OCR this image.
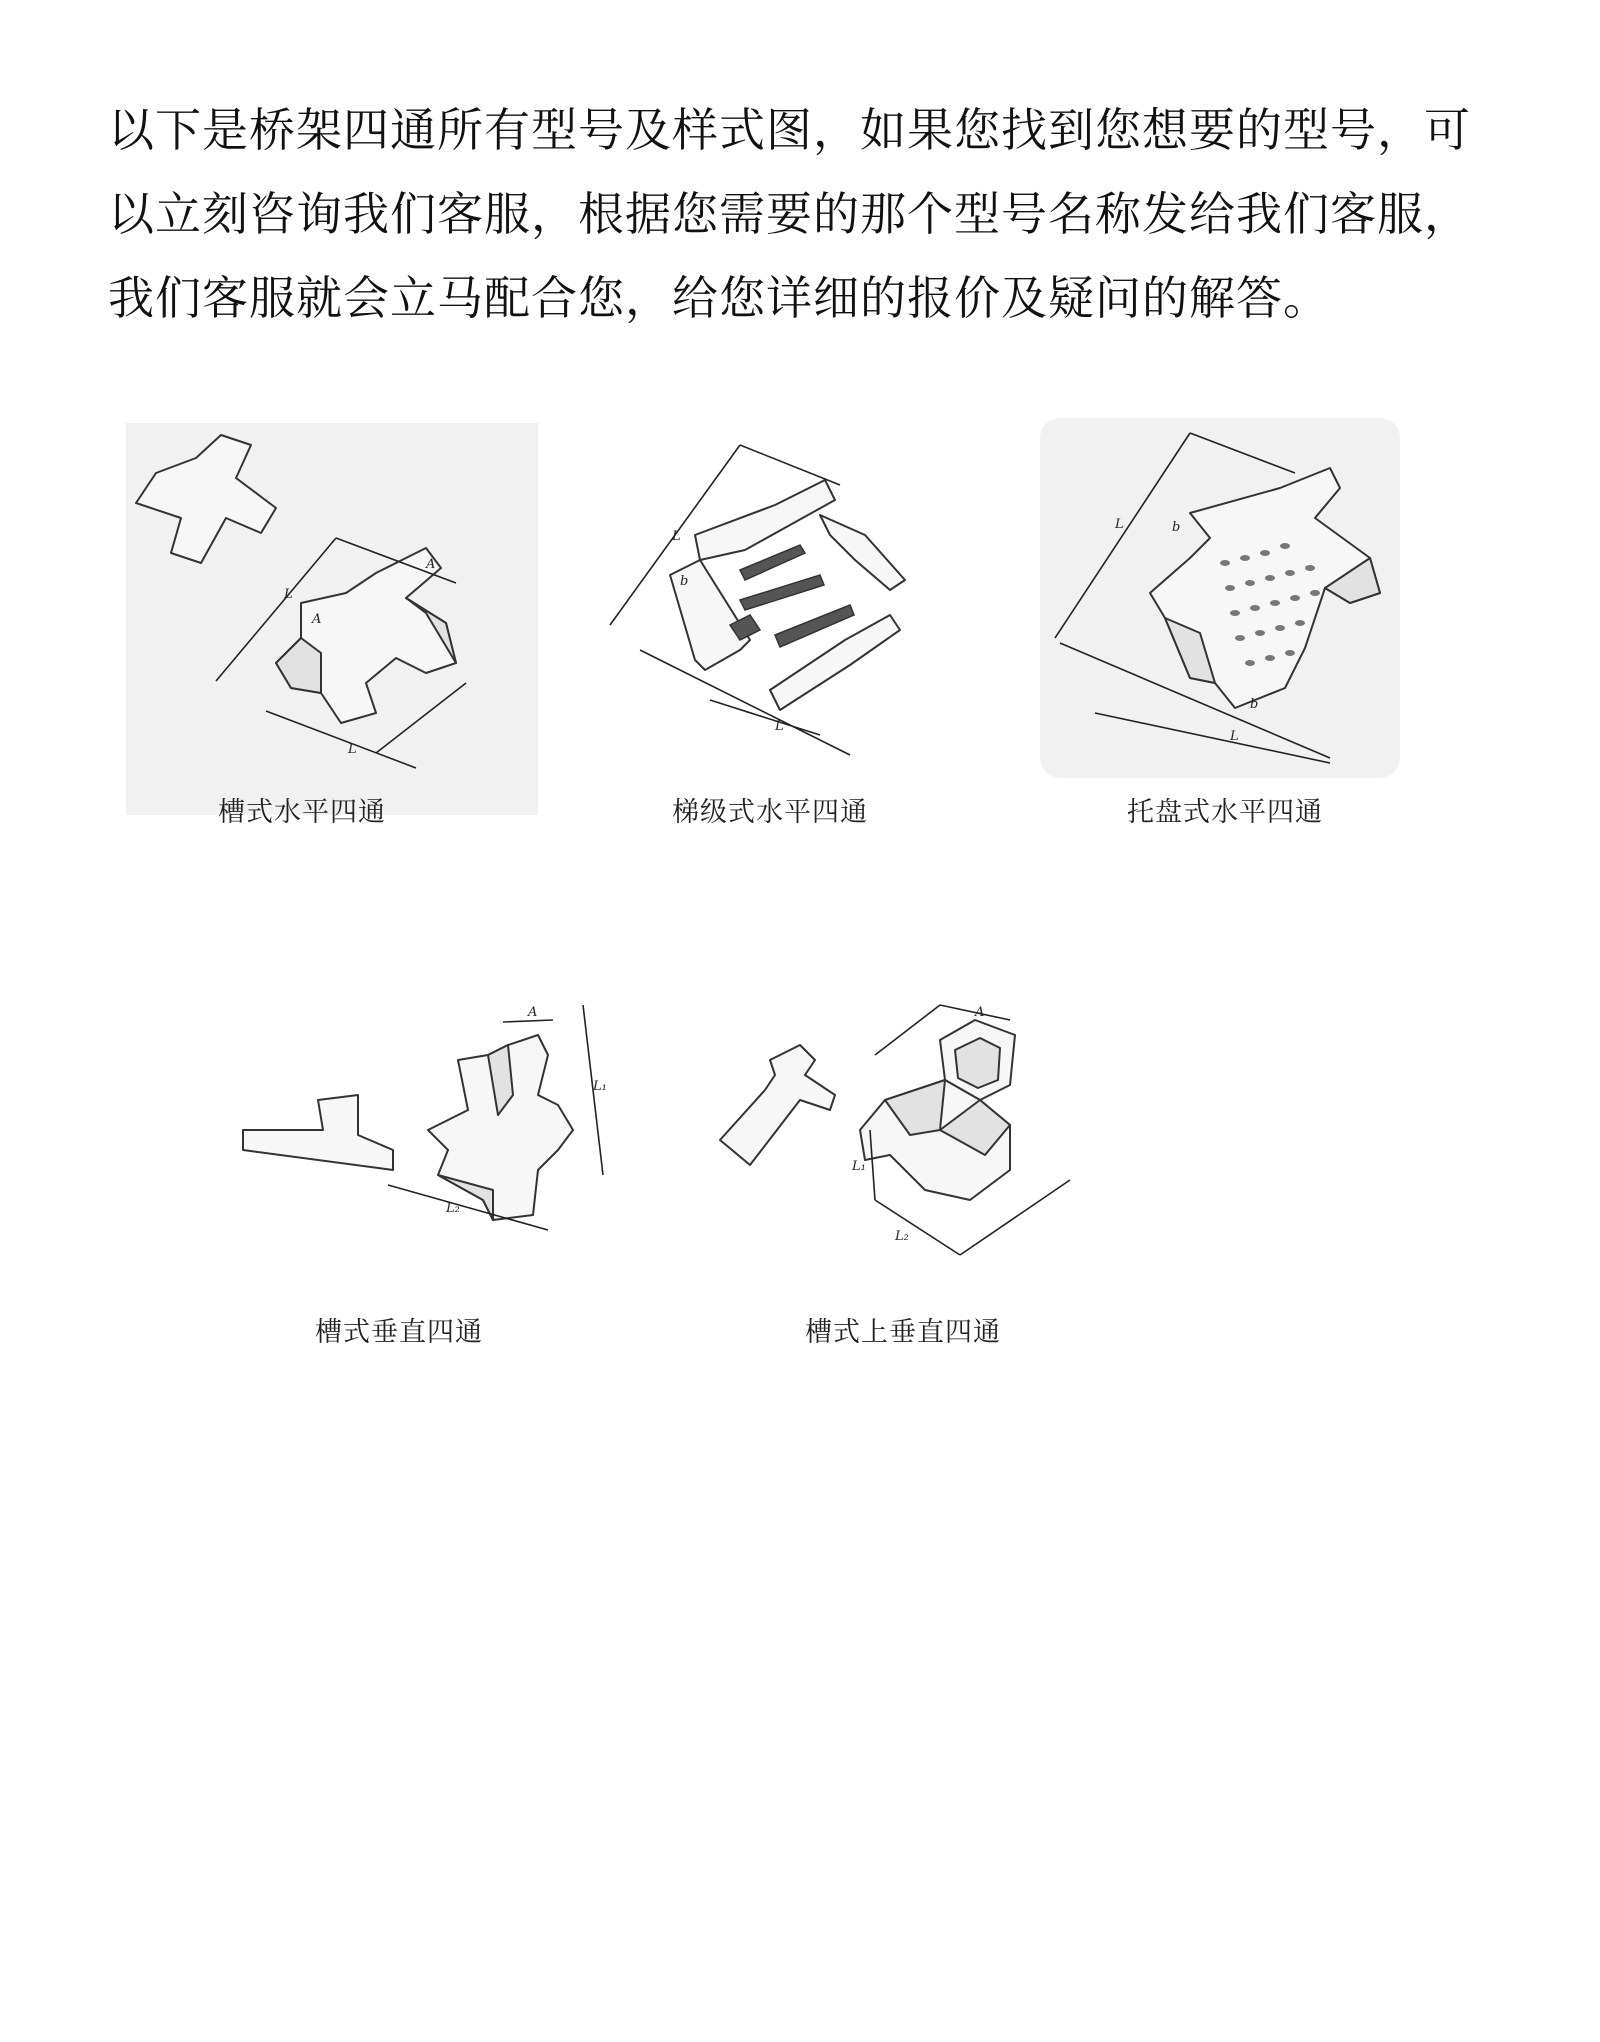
以下是桥架四通所有型号及样式图，如果您找到您想要的型号，可

以立刻咨询我们客服，根据您需要的那个型号名称发给我们客服，

我们客服就会立马配合您，给您详细的报价及疑问的解答。

L
L
A
A
槽式水平四通
L
L
b
梯级式水平四通
L
L
b
b
托盘式水平四通
L₁
L₂
A
槽式垂直四通
A
L₁
L₂
槽式上垂直四通
